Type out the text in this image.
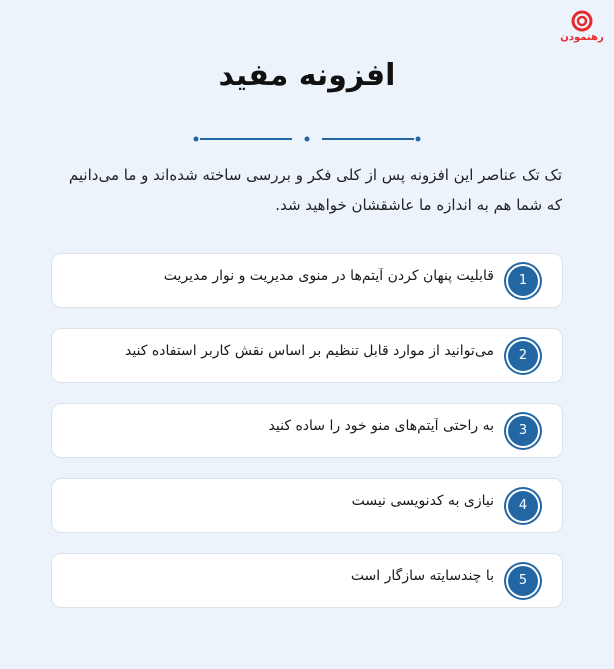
رهنمودن
افزونه مفید
تک تک عناصر این افزونه پس از کلی فکر و بررسی ساخته شده‌اند و ما می‌دانیم که شما هم به اندازه ما عاشقشان خواهید شد.
1
قابلیت پنهان کردن آیتم‌ها در منوی مدیریت و نوار مدیریت
2
می‌توانید از موارد قابل تنظیم بر اساس نقش کاربر استفاده کنید
3
به راحتی آیتم‌های منو خود را ساده کنید
4
نیازی به کدنویسی نیست
5
با چندسایته سازگار است
